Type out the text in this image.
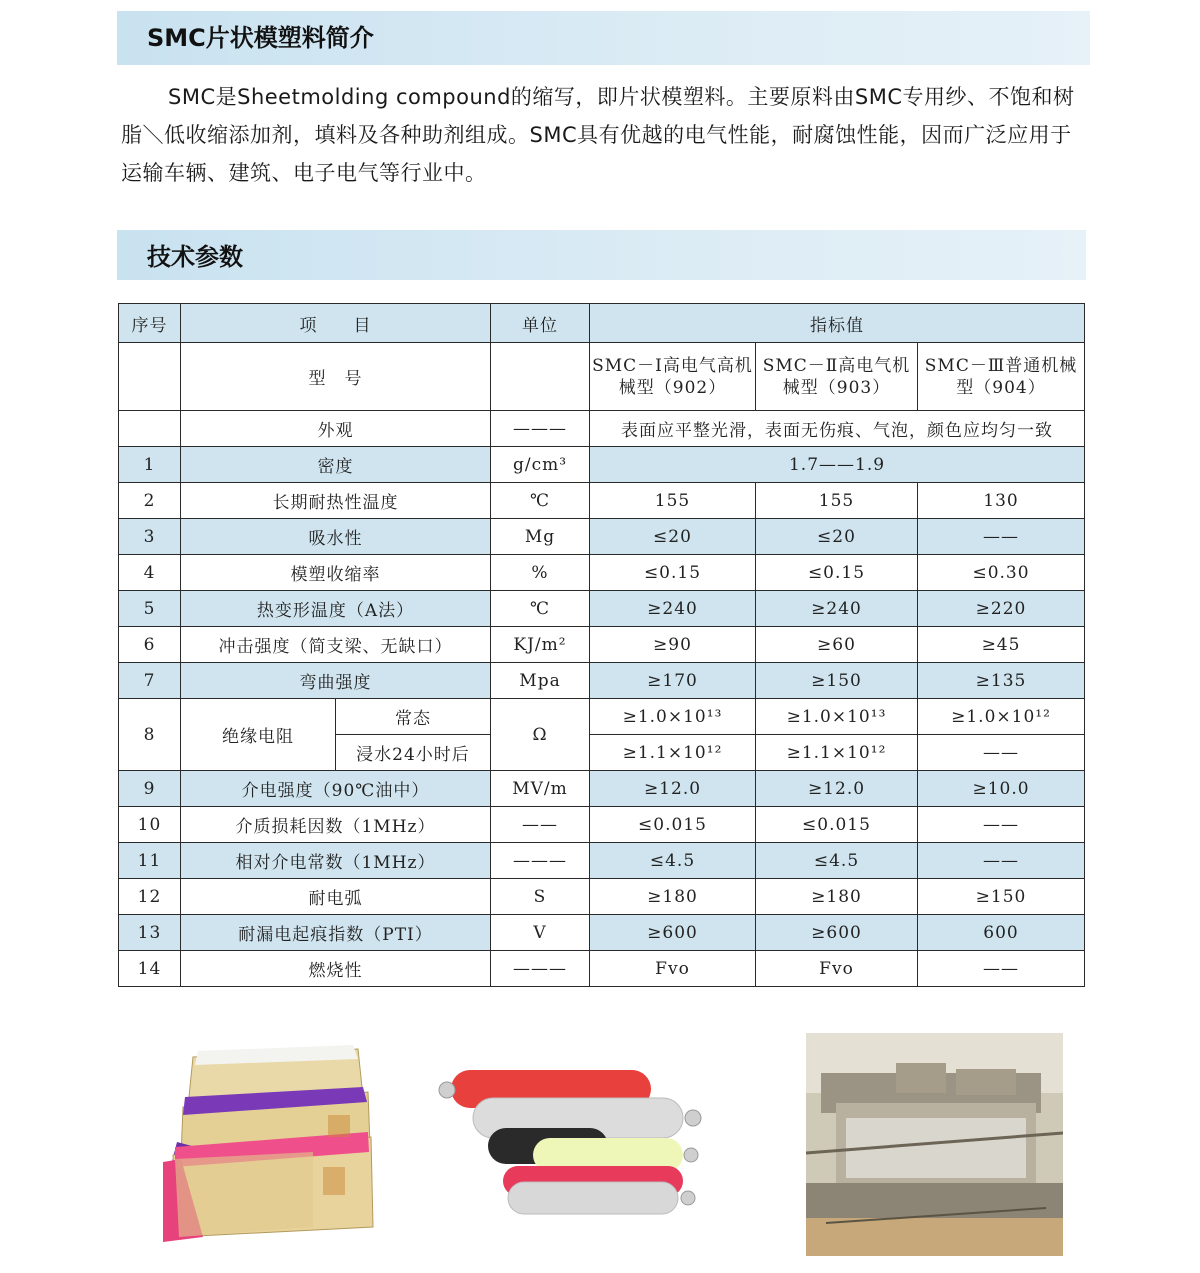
SMC片状模塑料简介

SMC是Sheetmolding compound的缩写，即片状模塑料。主要原料由SMC专用纱、不饱和树脂＼低收缩添加剂，填料及各种助剂组成。SMC具有优越的电气性能，耐腐蚀性能，因而广泛应用于运输车辆、建筑、电子电气等行业中。

技术参数
序号	项　　目		单位	指标值		
	型　号			SMC－Ⅰ高电气高机械型（902）	SMC－Ⅱ高电气机械型（903）	SMC－Ⅲ普通机械型（904）

	外观		———	表面应平整光滑，表面无伤痕、气泡，颜色应均匀一致		
1	密度		g/cm³	1.7——1.9		
2	长期耐热性温度		℃	155	155	130
3	吸水性		Mg	≤20	≤20	——
4	模塑收缩率		%	≤0.15	≤0.15	≤0.30
5	热变形温度（A法）		℃	≥240	≥240	≥220
6	冲击强度（简支梁、无缺口）		KJ/m²	≥90	≥60	≥45
7	弯曲强度		Mpa	≥170	≥150	≥135
8	绝缘电阻	常态	Ω	≥1.0×10¹³	≥1.0×10¹³	≥1.0×10¹²
		浸水24小时后		≥1.1×10¹²	≥1.1×10¹²	——
9	介电强度（90℃油中）		MV/m	≥12.0	≥12.0	≥10.0
10	介质损耗因数（1MHz）		——	≤0.015	≤0.015	——
11	相对介电常数（1MHz）		———	≤4.5	≤4.5	——
12	耐电弧		S	≥180	≥180	≥150
13	耐漏电起痕指数（PTI）		V	≥600	≥600	600
14	燃烧性		———	Fvo	Fvo	——
